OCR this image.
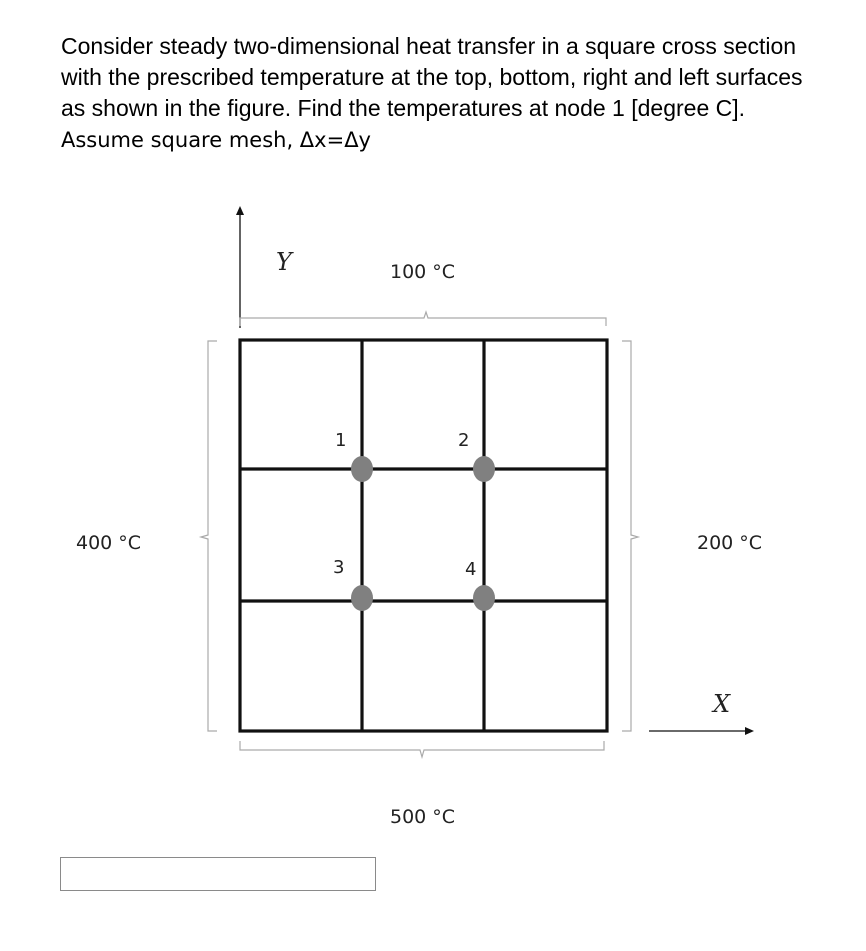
Consider steady two-dimensional heat transfer in a square cross section with the prescribed temperature at the top, bottom, right and left surfaces as shown in the figure. Find the temperatures at node 1 [degree C].  Assume square mesh, Δx=Δy

Y
X
100 °C
500 °C
400 °C	200 °C
1	2
3	4
